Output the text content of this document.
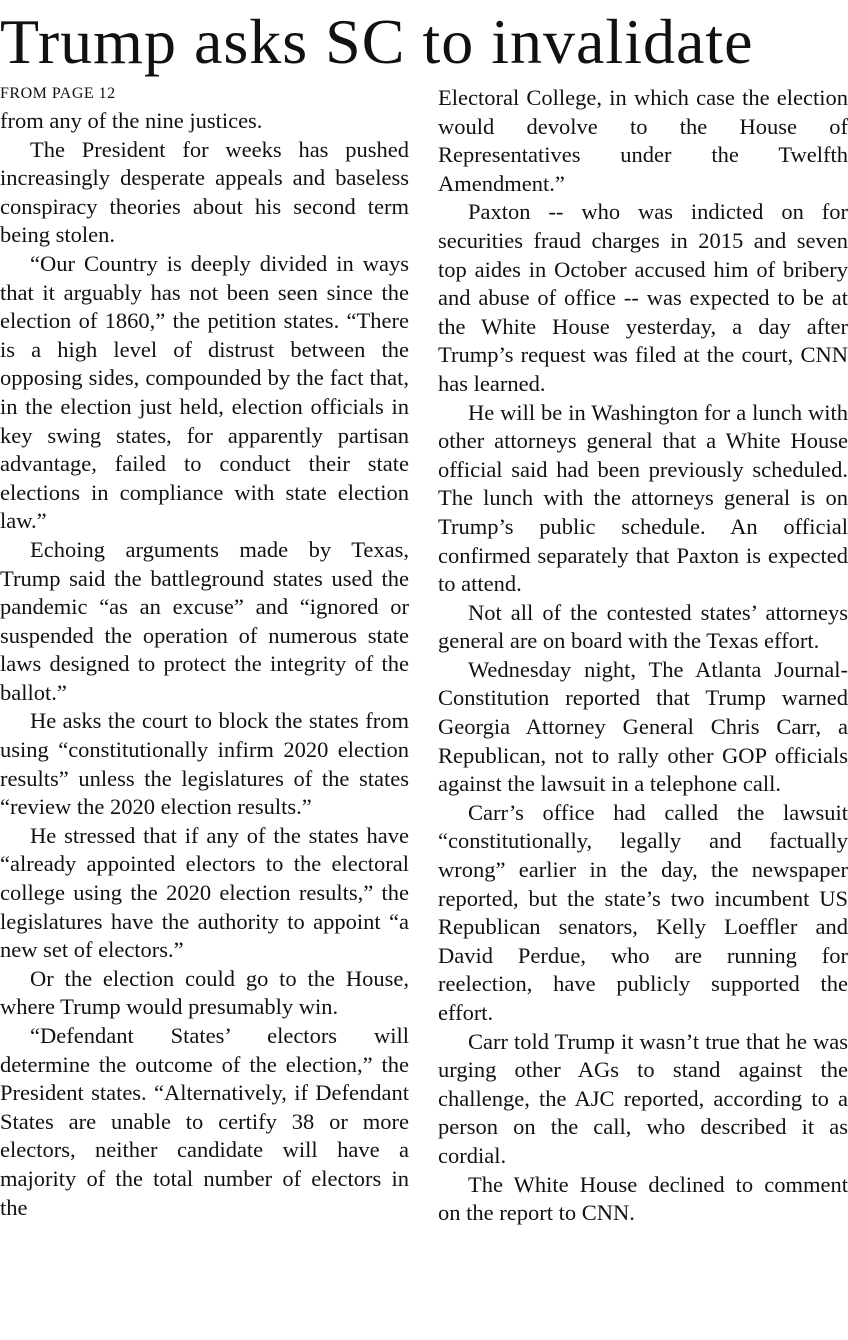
Trump asks SC to invalidate
FROM PAGE 12

from any of the nine justices.

The President for weeks has pushed increasingly desperate appeals and baseless conspiracy theories about his second term being stolen.

“Our Country is deeply divided in ways that it arguably has not been seen since the election of 1860,” the petition states. “There is a high level of distrust between the opposing sides, compounded by the fact that, in the election just held, election officials in key swing states, for apparently partisan advantage, failed to conduct their state elections in compliance with state election law.”

Echoing arguments made by Texas, Trump said the battleground states used the pandemic “as an excuse” and “ignored or suspended the operation of numerous state laws designed to protect the integrity of the ballot.”

He asks the court to block the states from using “constitutionally infirm 2020 election results” unless the legislatures of the states “review the 2020 election results.”

He stressed that if any of the states have “already appointed electors to the electoral college using the 2020 election results,” the legislatures have the authority to appoint “a new set of electors.”

Or the election could go to the House, where Trump would presumably win.

“Defendant States’ electors will determine the outcome of the election,” the President states. “Alternatively, if Defendant States are unable to certify 38 or more electors, neither candidate will have a majority of the total number of electors in the

Electoral College, in which case the election would devolve to the House of Representatives under the Twelfth Amendment.”

Paxton -- who was indicted on for securities fraud charges in 2015 and seven top aides in October accused him of bribery and abuse of office -- was expected to be at the White House yesterday, a day after Trump’s request was filed at the court, CNN has learned.

He will be in Washington for a lunch with other attorneys general that a White House official said had been previously scheduled. The lunch with the attorneys general is on Trump’s public schedule. An official confirmed separately that Paxton is expected to attend.

Not all of the contested states’ attorneys general are on board with the Texas effort.

Wednesday night, The Atlanta Journal-Constitution reported that Trump warned Georgia Attorney General Chris Carr, a Republican, not to rally other GOP officials against the lawsuit in a telephone call.

Carr’s office had called the lawsuit “constitutionally, legally and factually wrong” earlier in the day, the newspaper reported, but the state’s two incumbent US Republican senators, Kelly Loeffler and David Perdue, who are running for reelection, have publicly supported the effort.

Carr told Trump it wasn’t true that he was urging other AGs to stand against the challenge, the AJC reported, according to a person on the call, who described it as cordial.

The White House declined to comment on the report to CNN.
